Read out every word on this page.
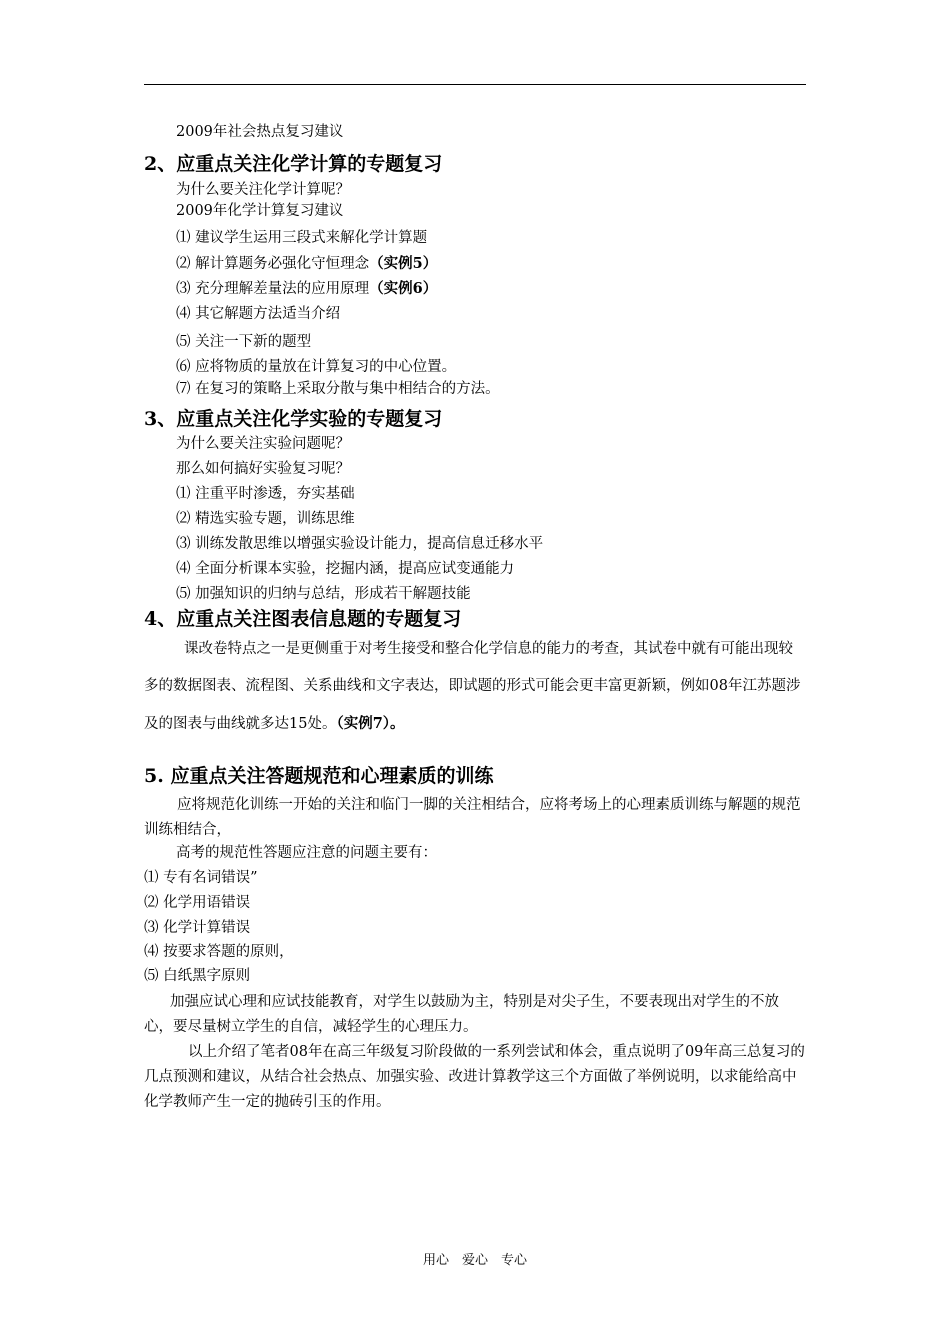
2009年社会热点复习建议
2、应重点关注化学计算的专题复习
为什么要关注化学计算呢？
2009年化学计算复习建议
⑴ 建议学生运用三段式来解化学计算题
⑵ 解计算题务必强化守恒理念（实例5）
⑶ 充分理解差量法的应用原理（实例6）
⑷ 其它解题方法适当介绍
⑸ 关注一下新的题型
⑹ 应将物质的量放在计算复习的中心位置。
⑺ 在复习的策略上采取分散与集中相结合的方法。
3、应重点关注化学实验的专题复习
为什么要关注实验问题呢？
那么如何搞好实验复习呢？
⑴ 注重平时渗透，夯实基础
⑵ 精选实验专题，训练思维
⑶ 训练发散思维以增强实验设计能力，提高信息迁移水平
⑷ 全面分析课本实验，挖掘内涵，提高应试变通能力
⑸ 加强知识的归纳与总结，形成若干解题技能
4、应重点关注图表信息题的专题复习
课改卷特点之一是更侧重于对考生接受和整合化学信息的能力的考查，其试卷中就有可能出现较多的数据图表、流程图、关系曲线和文字表达，即试题的形式可能会更丰富更新颖，例如08年江苏题涉及的图表与曲线就多达15处。（实例7）。
5. 应重点关注答题规范和心理素质的训练
应将规范化训练一开始的关注和临门一脚的关注相结合，应将考场上的心理素质训练与解题的规范训练相结合，
高考的规范性答题应注意的问题主要有：
⑴ 专有名词错误”
⑵ 化学用语错误
⑶ 化学计算错误
⑷ 按要求答题的原则，
⑸ 白纸黑字原则
加强应试心理和应试技能教育，对学生以鼓励为主，特别是对尖子生，不要表现出对学生的不放心，要尽量树立学生的自信，减轻学生的心理压力。
以上介绍了笔者08年在高三年级复习阶段做的一系列尝试和体会，重点说明了09年高三总复习的几点预测和建议，从结合社会热点、加强实验、改进计算教学这三个方面做了举例说明，以求能给高中化学教师产生一定的抛砖引玉的作用。
用心　爱心　专心
